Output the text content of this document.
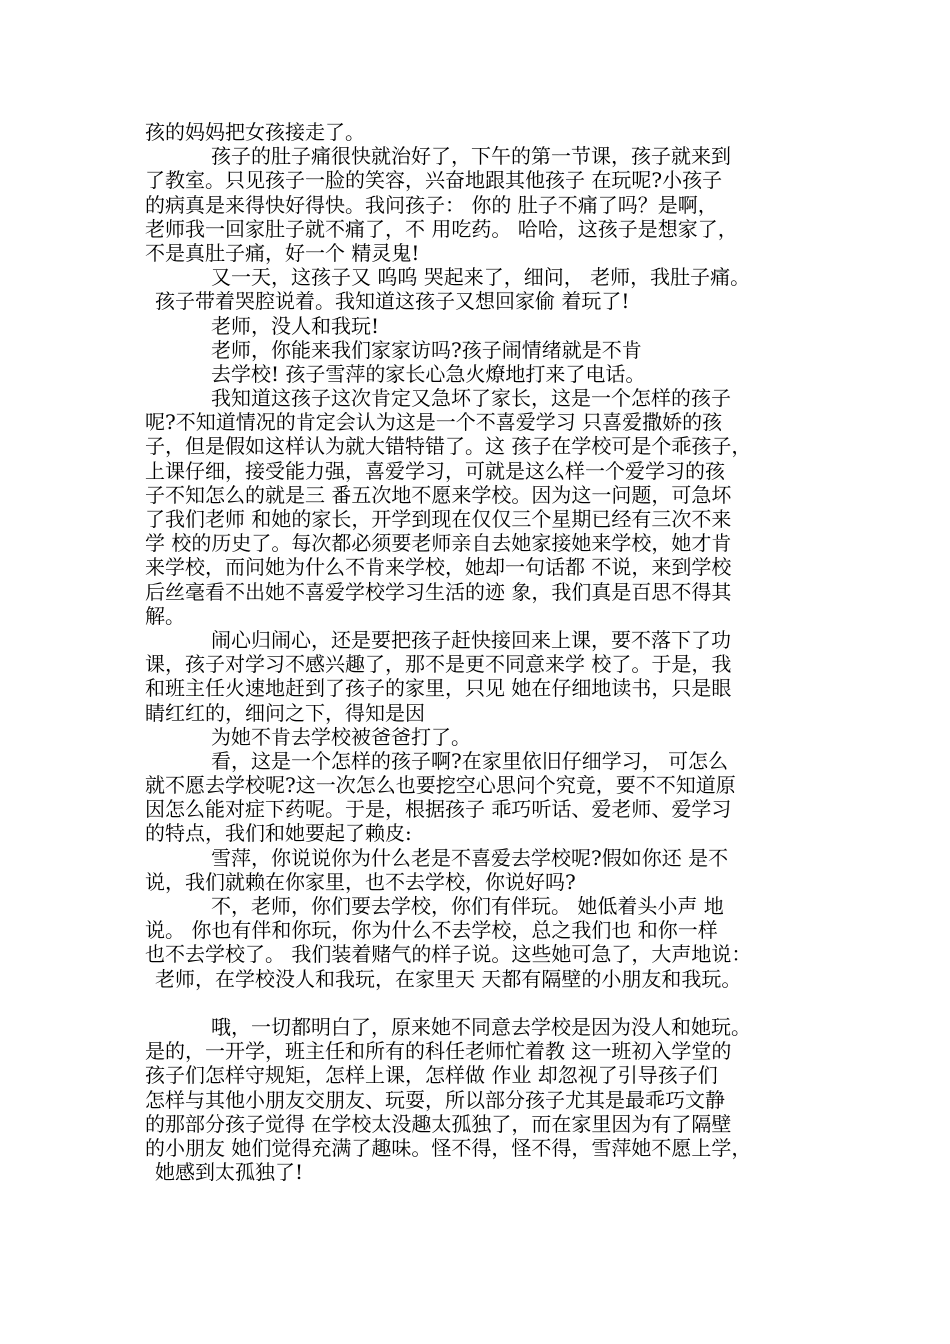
孩的妈妈把女孩接走了。
孩子的肚子痛很快就治好了，下午的第一节课，孩子就来到
了教室。只见孩子一脸的笑容，兴奋地跟其他孩子 在玩呢?小孩子
的病真是来得快好得快。我问孩子： 你的 肚子不痛了吗？是啊，
老师我一回家肚子就不痛了，不 用吃药。 哈哈，这孩子是想家了，
不是真肚子痛，好一个 精灵鬼!
又一天，这孩子又 呜呜 哭起来了，细问， 老师，我肚子痛。
孩子带着哭腔说着。我知道这孩子又想回家偷 着玩了!
老师，没人和我玩!
老师，你能来我们家家访吗?孩子闹情绪就是不肯
去学校! 孩子雪萍的家长心急火燎地打来了电话。
我知道这孩子这次肯定又急坏了家长，这是一个怎样的孩子
呢?不知道情况的肯定会认为这是一个不喜爱学习 只喜爱撒娇的孩
子，但是假如这样认为就大错特错了。这 孩子在学校可是个乖孩子，
上课仔细，接受能力强，喜爱学习，可就是这么样一个爱学习的孩
子不知怎么的就是三 番五次地不愿来学校。因为这一问题，可急坏
了我们老师 和她的家长，开学到现在仅仅三个星期已经有三次不来
学 校的历史了。每次都必须要老师亲自去她家接她来学校，她才肯
来学校，而问她为什么不肯来学校，她却一句话都 不说，来到学校
后丝毫看不出她不喜爱学校学习生活的迹 象，我们真是百思不得其
解。
闹心归闹心，还是要把孩子赶快接回来上课，要不落下了功
课，孩子对学习不感兴趣了，那不是更不同意来学 校了。于是，我
和班主任火速地赶到了孩子的家里，只见 她在仔细地读书，只是眼
睛红红的，细问之下，得知是因
为她不肯去学校被爸爸打了。
看，这是一个怎样的孩子啊?在家里依旧仔细学习， 可怎么
就不愿去学校呢?这一次怎么也要挖空心思问个究竟，要不不知道原
因怎么能对症下药呢。于是，根据孩子 乖巧听话、爱老师、爱学习
的特点，我们和她要起了赖皮:
雪萍，你说说你为什么老是不喜爱去学校呢?假如你还 是不
说，我们就赖在你家里，也不去学校，你说好吗?
不，老师，你们要去学校，你们有伴玩。 她低着头小声 地
说。 你也有伴和你玩，你为什么不去学校，总之我们也 和你一样
也不去学校了。 我们装着赌气的样子说。这些她可急了，大声地说：
老师，在学校没人和我玩，在家里天 天都有隔壁的小朋友和我玩。
哦，一切都明白了，原来她不同意去学校是因为没人和她玩。
是的，一开学，班主任和所有的科任老师忙着教 这一班初入学堂的
孩子们怎样守规矩，怎样上课，怎样做 作业 却忽视了引导孩子们
怎样与其他小朋友交朋友、玩耍，所以部分孩子尤其是最乖巧文静
的那部分孩子觉得 在学校太没趣太孤独了，而在家里因为有了隔壁
的小朋友 她们觉得充满了趣味。怪不得，怪不得，雪萍她不愿上学，
她感到太孤独了!
